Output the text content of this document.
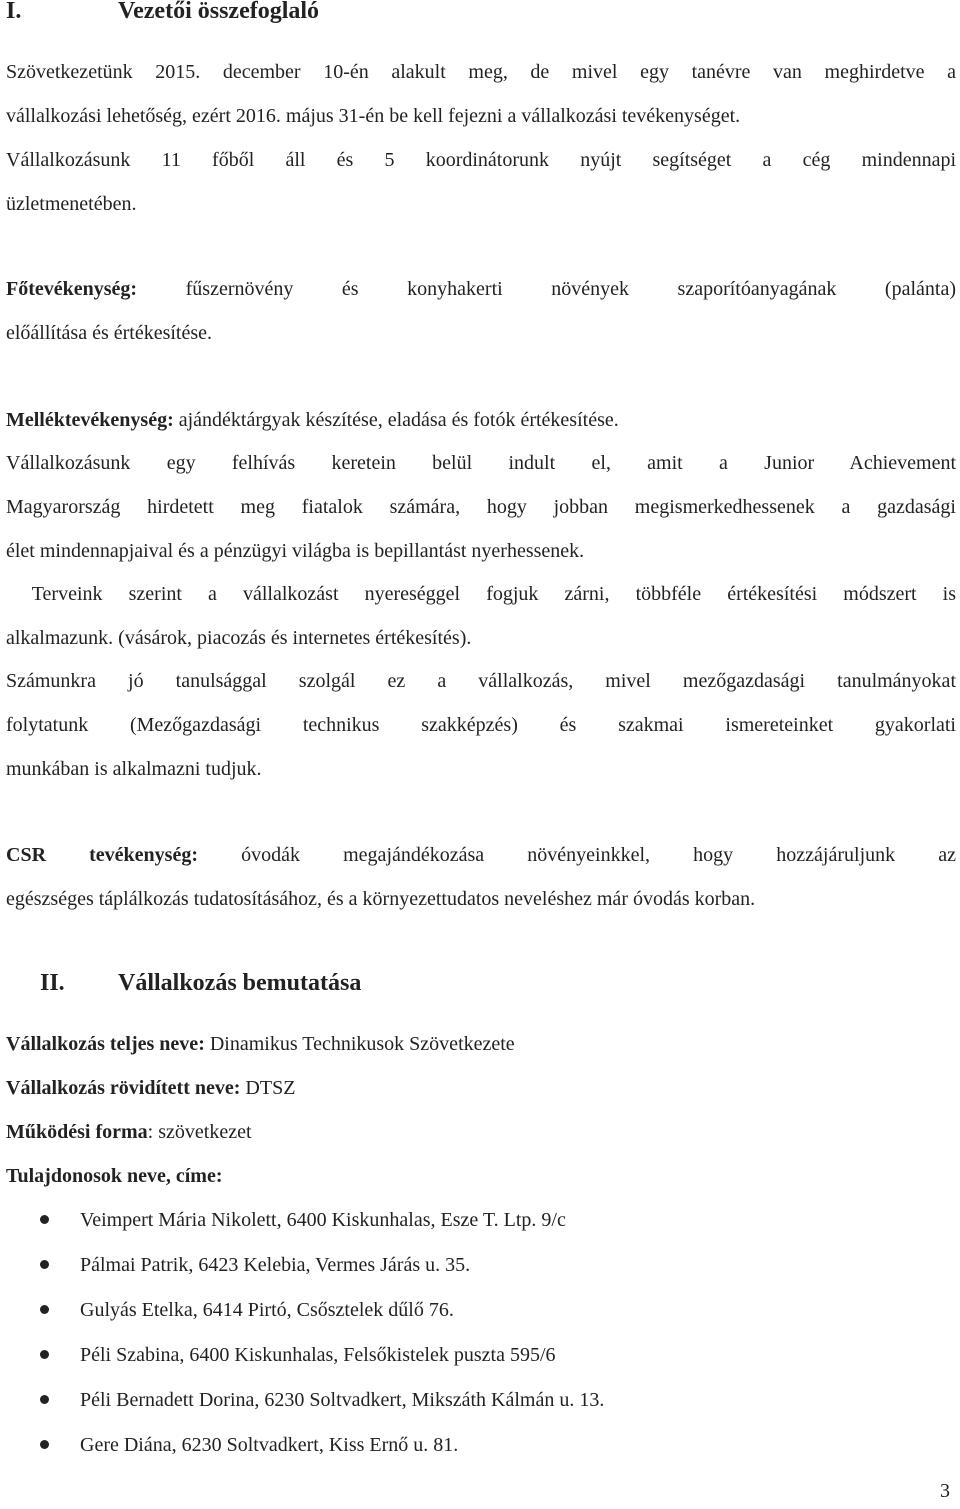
I.	Vezetői összefoglaló
Szövetkezetünk 2015. december 10-én alakult meg, de mivel egy tanévre van meghirdetve a
vállalkozási lehetőség, ezért 2016. május 31-én be kell fejezni a vállalkozási tevékenységet.
Vállalkozásunk 11 főből áll és 5 koordinátorunk nyújt segítséget a cég mindennapi
üzletmenetében.
Főtevékenység: fűszernövény és konyhakerti növények szaporítóanyagának (palánta)
előállítása és értékesítése.
Melléktevékenység: ajándéktárgyak készítése, eladása és fotók értékesítése.
Vállalkozásunk egy felhívás keretein belül indult el, amit a Junior Achievement
Magyarország hirdetett meg fiatalok számára, hogy jobban megismerkedhessenek a gazdasági
élet mindennapjaival és a pénzügyi világba is bepillantást nyerhessenek.
Terveink szerint a vállalkozást nyereséggel fogjuk zárni, többféle értékesítési módszert is
alkalmazunk. (vásárok, piacozás és internetes értékesítés).
Számunkra jó tanulsággal szolgál ez a vállalkozás, mivel mezőgazdasági tanulmányokat
folytatunk (Mezőgazdasági technikus szakképzés) és szakmai ismereteinket gyakorlati
munkában is alkalmazni tudjuk.
CSR tevékenység: óvodák megajándékozása növényeinkkel, hogy hozzájáruljunk az
egészséges táplálkozás tudatosításához, és a környezettudatos neveléshez már óvodás korban.
II. Vállalkozás bemutatása
Vállalkozás teljes neve: Dinamikus Technikusok Szövetkezete
Vállalkozás rövidített neve: DTSZ
Működési forma: szövetkezet
Tulajdonosok neve, címe:
Veimpert Mária Nikolett, 6400 Kiskunhalas, Esze T. Ltp. 9/c
Pálmai Patrik, 6423 Kelebia, Vermes Járás u. 35.
Gulyás Etelka, 6414 Pirtó, Csősztelek dűlő 76.
Péli Szabina, 6400 Kiskunhalas, Felsőkistelek puszta 595/6
Péli Bernadett Dorina, 6230 Soltvadkert, Mikszáth Kálmán u. 13.
Gere Diána, 6230 Soltvadkert, Kiss Ernő u. 81.
3
